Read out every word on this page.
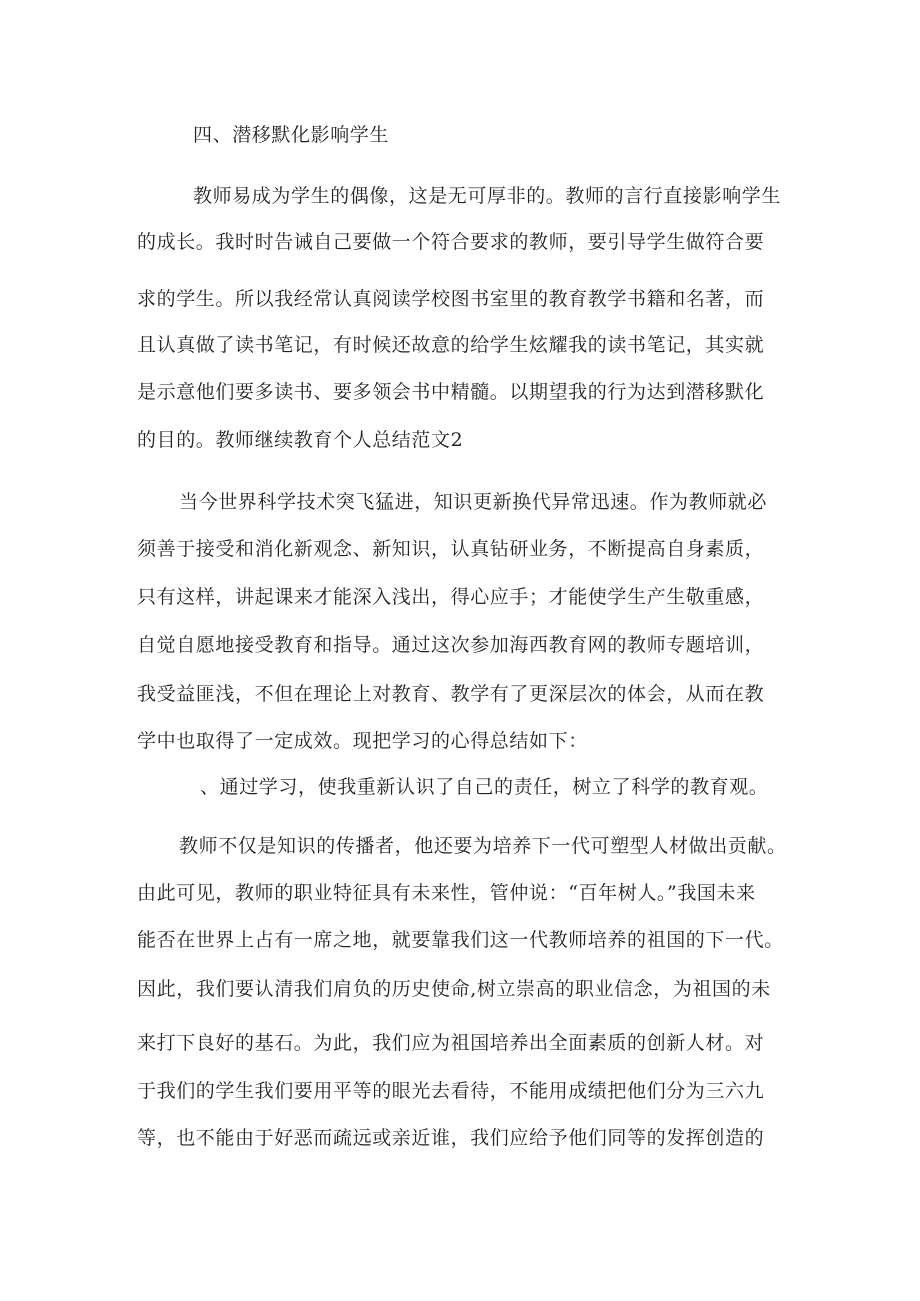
四、潜移默化影响学生
教师易成为学生的偶像，这是无可厚非的。教师的言行直接影响学生
的成长。我时时告诫自己要做一个符合要求的教师，要引导学生做符合要
求的学生。所以我经常认真阅读学校图书室里的教育教学书籍和名著，而
且认真做了读书笔记，有时候还故意的给学生炫耀我的读书笔记，其实就
是示意他们要多读书、要多领会书中精髓。以期望我的行为达到潜移默化
的目的。教师继续教育个人总结范文2
当今世界科学技术突飞猛进，知识更新换代异常迅速。作为教师就必
须善于接受和消化新观念、新知识，认真钻研业务，不断提高自身素质，
只有这样，讲起课来才能深入浅出，得心应手；才能使学生产生敬重感，
自觉自愿地接受教育和指导。通过这次参加海西教育网的教师专题培训，
我受益匪浅，不但在理论上对教育、教学有了更深层次的体会，从而在教
学中也取得了一定成效。现把学习的心得总结如下：
、通过学习，使我重新认识了自己的责任，树立了科学的教育观。
教师不仅是知识的传播者，他还要为培养下一代可塑型人材做出贡献。
由此可见，教师的职业特征具有未来性，管仲说：“百年树人。”我国未来
能否在世界上占有一席之地，就要靠我们这一代教师培养的祖国的下一代。
因此，我们要认清我们肩负的历史使命,树立崇高的职业信念，为祖国的未
来打下良好的基石。为此，我们应为祖国培养出全面素质的创新人材。对
于我们的学生我们要用平等的眼光去看待，不能用成绩把他们分为三六九
等，也不能由于好恶而疏远或亲近谁，我们应给予他们同等的发挥创造的
